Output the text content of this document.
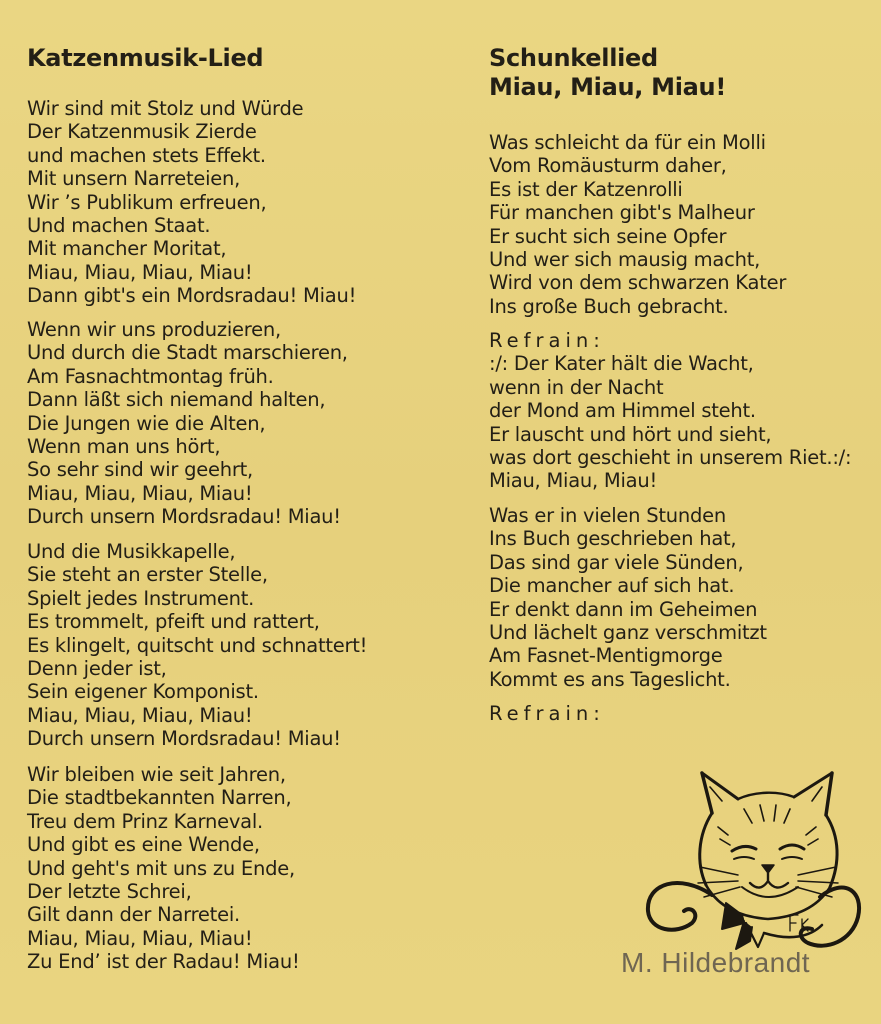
Katzenmusik-Lied

Wir sind mit Stolz und Würde
Der Katzenmusik Zierde
und machen stets Effekt.
Mit unsern Narreteien,
Wir ’s Publikum erfreuen,
Und machen Staat.
Mit mancher Moritat,
Miau, Miau, Miau, Miau!
Dann gibt's ein Mordsradau! Miau!

Wenn wir uns produzieren,
Und durch die Stadt marschieren,
Am Fasnachtmontag früh.
Dann läßt sich niemand halten,
Die Jungen wie die Alten,
Wenn man uns hört,
So sehr sind wir geehrt,
Miau, Miau, Miau, Miau!
Durch unsern Mordsradau! Miau!

Und die Musikkapelle,
Sie steht an erster Stelle,
Spielt jedes Instrument.
Es trommelt, pfeift und rattert,
Es klingelt, quitscht und schnattert!
Denn jeder ist,
Sein eigener Komponist.
Miau, Miau, Miau, Miau!
Durch unsern Mordsradau! Miau!

Wir bleiben wie seit Jahren,
Die stadtbekannten Narren,
Treu dem Prinz Karneval.
Und gibt es eine Wende,
Und geht's mit uns zu Ende,
Der letzte Schrei,
Gilt dann der Narretei.
Miau, Miau, Miau, Miau!
Zu End’ ist der Radau! Miau!

Schunkellied
Miau, Miau, Miau!

Was schleicht da für ein Molli
Vom Romäusturm daher,
Es ist der Katzenrolli
Für manchen gibt's Malheur
Er sucht sich seine Opfer
Und wer sich mausig macht,
Wird von dem schwarzen Kater
Ins große Buch gebracht.

Refrain:
:/: Der Kater hält die Wacht,
wenn in der Nacht
der Mond am Himmel steht.
Er lauscht und hört und sieht,
was dort geschieht in unserem Riet.:/:
Miau, Miau, Miau!

Was er in vielen Stunden
Ins Buch geschrieben hat,
Das sind gar viele Sünden,
Die mancher auf sich hat.
Er denkt dann im Geheimen
Und lächelt ganz verschmitzt
Am Fasnet-Mentigmorge
Kommt es ans Tageslicht.

Refrain:

M. Hildebrandt
